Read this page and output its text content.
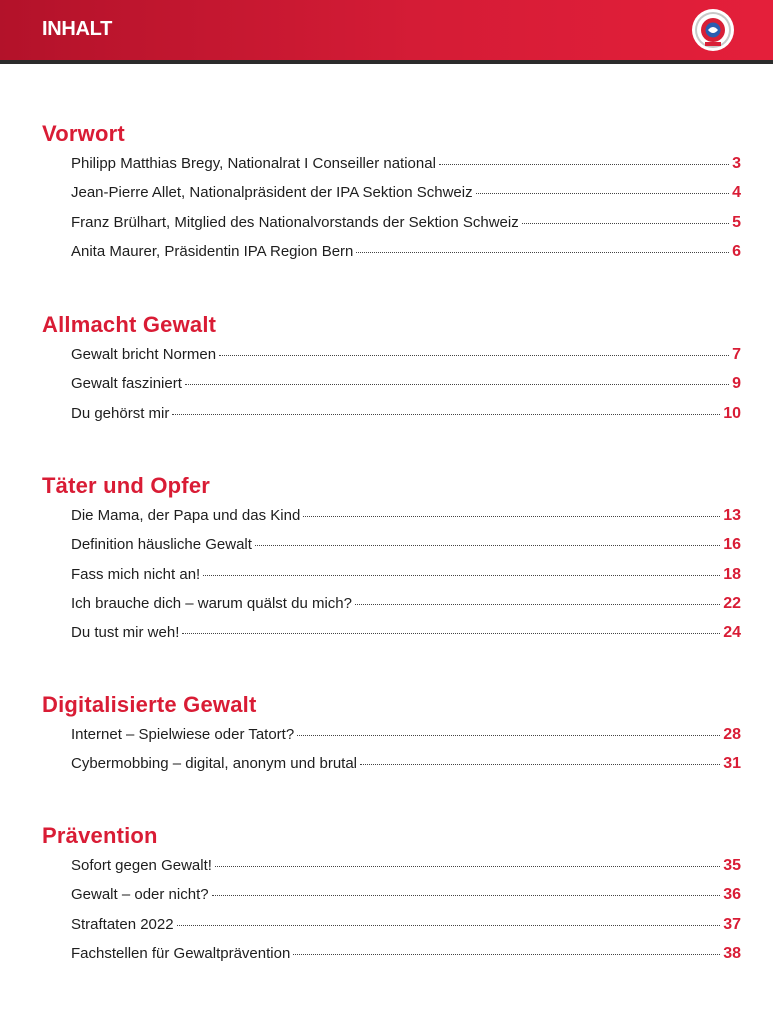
INHALT
Vorwort
Philipp Matthias Bregy, Nationalrat I Conseiller national	3
Jean-Pierre Allet, Nationalpräsident der IPA Sektion Schweiz	4
Franz Brülhart, Mitglied des Nationalvorstands der Sektion Schweiz	5
Anita Maurer, Präsidentin IPA Region Bern	6
Allmacht Gewalt
Gewalt bricht Normen	7
Gewalt fasziniert	9
Du gehörst mir	10
Täter und Opfer
Die Mama, der Papa und das Kind	13
Definition häusliche Gewalt	16
Fass mich nicht an!	18
Ich brauche dich – warum quälst du mich?	22
Du tust mir weh!	24
Digitalisierte Gewalt
Internet – Spielwiese oder Tatort?	28
Cybermobbing – digital, anonym und brutal	31
Prävention
Sofort gegen Gewalt!	35
Gewalt – oder nicht?	36
Straftaten 2022	37
Fachstellen für Gewaltprävention	38
